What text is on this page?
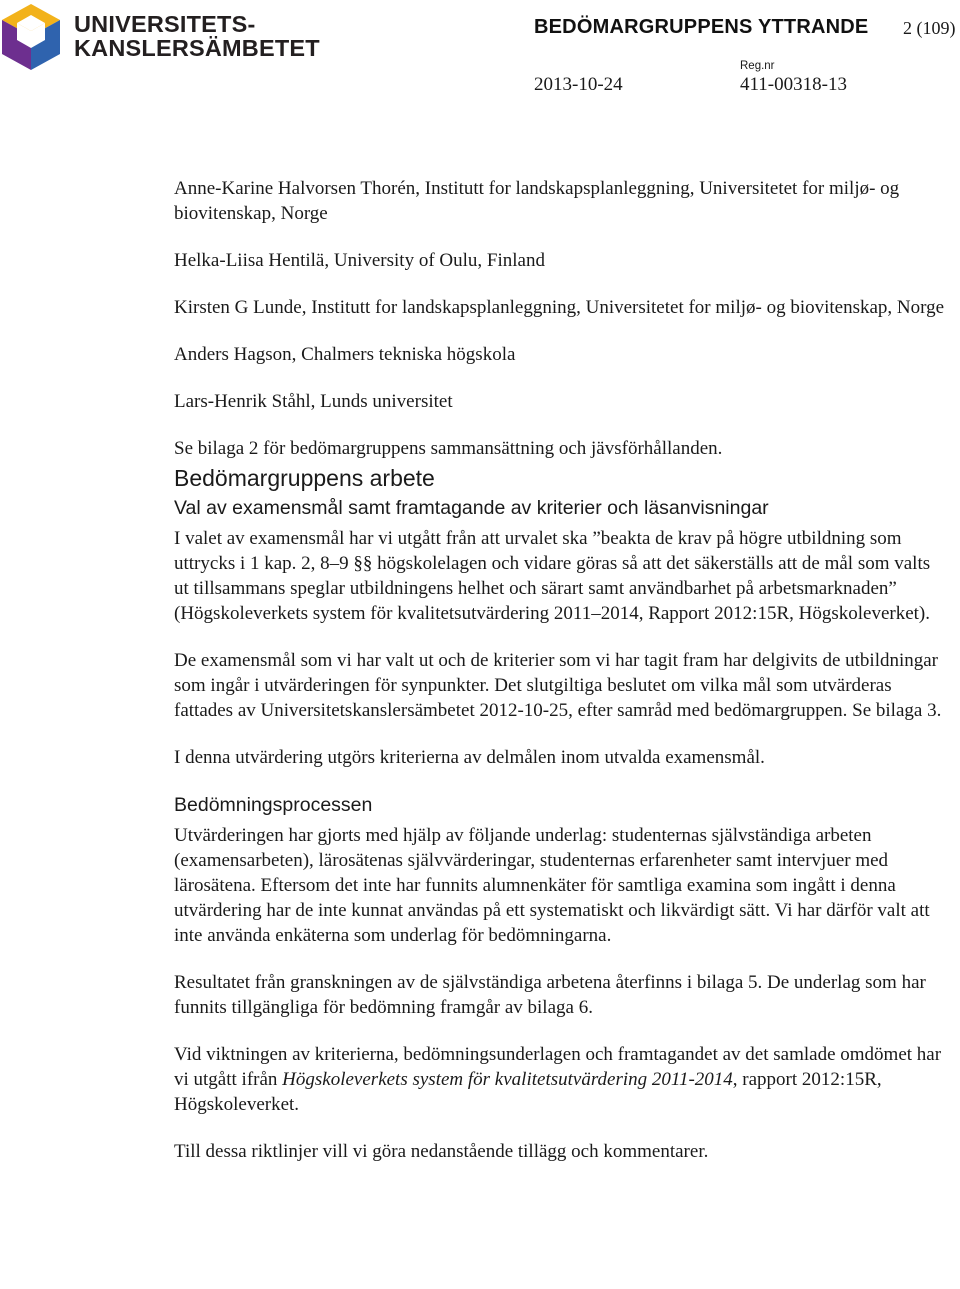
UNIVERSITETS-
KANSLERSÄMBETET
BEDÖMARGRUPPENS YTTRANDE 2 (109)
Reg.nr
2013-10-24	411-00318-13

Anne-Karine Halvorsen Thorén, Institutt for landskapsplanleggning, Universitetet for miljø- og biovitenskap, Norge

Helka-Liisa Hentilä, University of Oulu, Finland

Kirsten G Lunde, Institutt for landskapsplanleggning, Universitetet for miljø- og biovitenskap, Norge

Anders Hagson, Chalmers tekniska högskola

Lars-Henrik Ståhl, Lunds universitet

Se bilaga 2 för bedömargruppens sammansättning och jävsförhållanden.

Bedömargruppens arbete
Val av examensmål samt framtagande av kriterier och läsanvisningar

I valet av examensmål har vi utgått från att urvalet ska ”beakta de krav på högre utbildning som uttrycks i 1 kap. 2, 8–9 §§ högskolelagen och vidare göras så att det säkerställs att de mål som valts ut tillsammans speglar utbildningens helhet och särart samt användbarhet på arbetsmarknaden” (Högskoleverkets system för kvalitetsutvärdering 2011–2014, Rapport 2012:15R, Högskoleverket).

De examensmål som vi har valt ut och de kriterier som vi har tagit fram har delgivits de utbildningar som ingår i utvärderingen för synpunkter. Det slutgiltiga beslutet om vilka mål som utvärderas fattades av Universitetskanslersämbetet 2012-10-25, efter samråd med bedömargruppen. Se bilaga 3.

I denna utvärdering utgörs kriterierna av delmålen inom utvalda examensmål.

Bedömningsprocessen

Utvärderingen har gjorts med hjälp av följande underlag: studenternas självständiga arbeten (examensarbeten), lärosätenas självvärderingar, studenternas erfarenheter samt intervjuer med lärosätena. Eftersom det inte har funnits alumnenkäter för samtliga examina som ingått i denna utvärdering har de inte kunnat användas på ett systematiskt och likvärdigt sätt. Vi har därför valt att inte använda enkäterna som underlag för bedömningarna.

Resultatet från granskningen av de självständiga arbetena återfinns i bilaga 5. De underlag som har funnits tillgängliga för bedömning framgår av bilaga 6.

Vid viktningen av kriterierna, bedömningsunderlagen och framtagandet av det samlade omdömet har vi utgått ifrån Högskoleverkets system för kvalitetsutvärdering 2011-2014, rapport 2012:15R, Högskoleverket.

Till dessa riktlinjer vill vi göra nedanstående tillägg och kommentarer.
